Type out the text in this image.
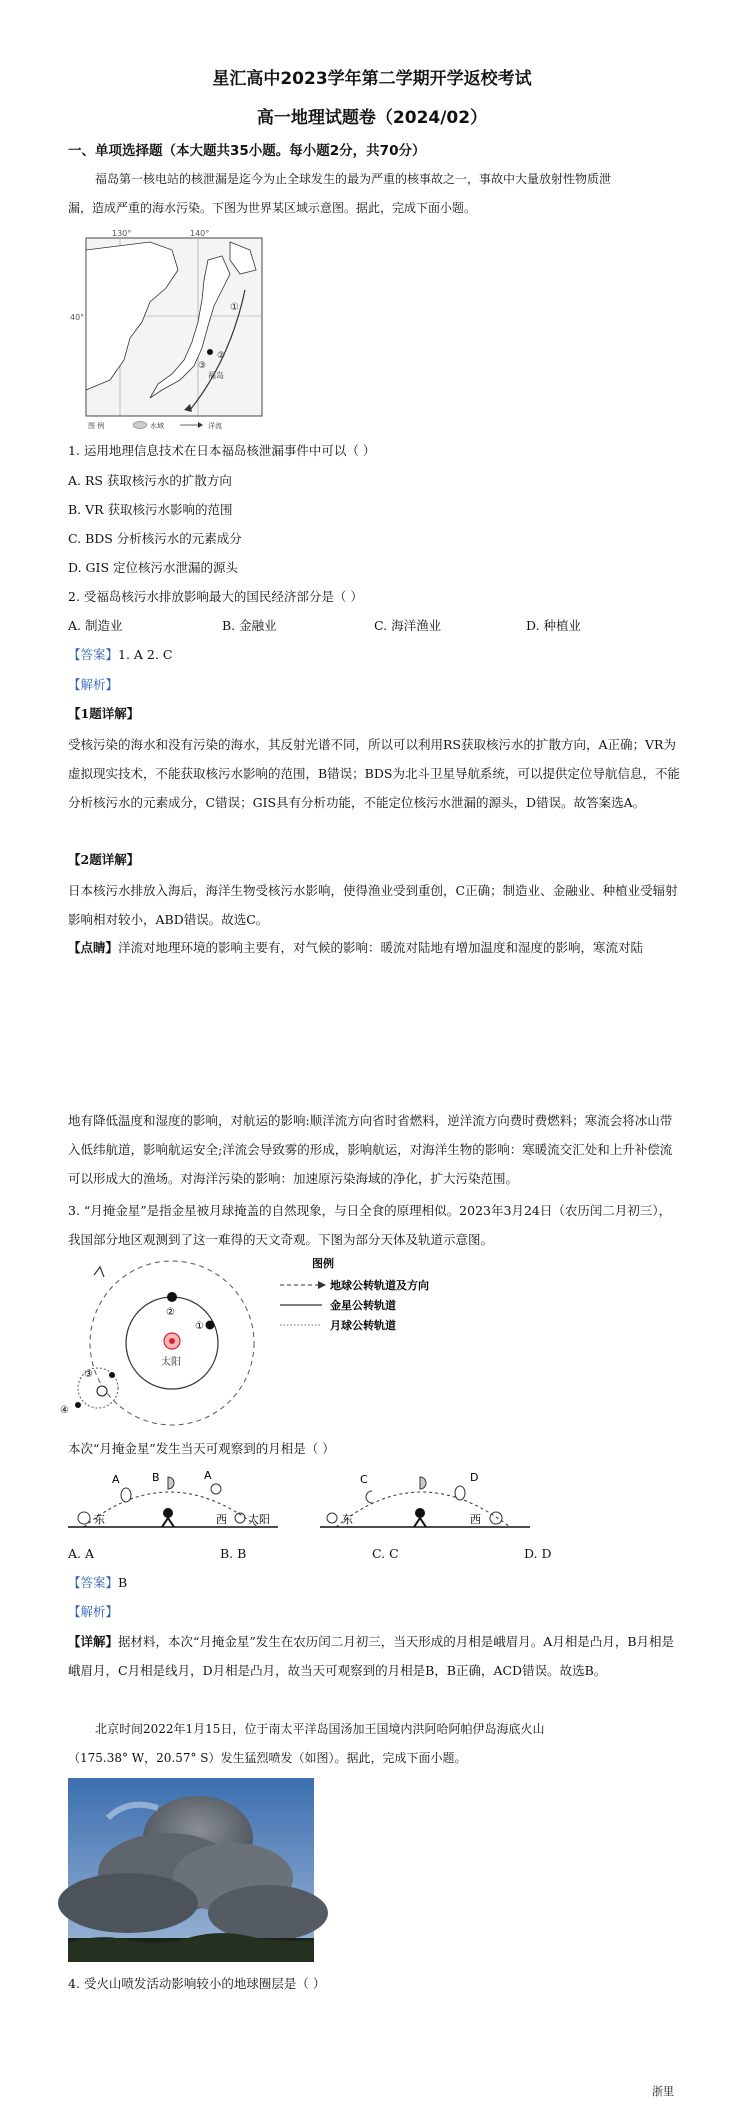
星汇高中2023学年第二学期开学返校考试
高一地理试题卷（2024/02）
一、单项选择题（本大题共35小题。每小题2分，共70分）
福岛第一核电站的核泄漏是迄今为止全球发生的最为严重的核事故之一，事故中大量放射性物质泄
漏，造成严重的海水污染。下图为世界某区域示意图。据此，完成下面小题。
①
②
③
福岛
130°	140°
40°
图 例	水域	洋流
1. 运用地理信息技术在日本福岛核泄漏事件中可以（ ）
A. RS 获取核污水的扩散方向
B. VR 获取核污水影响的范围
C. BDS 分析核污水的元素成分
D. GIS 定位核污水泄漏的源头
2. 受福岛核污水排放影响最大的国民经济部分是（ ）
A. 制造业	B. 金融业	C. 海洋渔业	D. 种植业
【答案】1. A 2. C
【解析】
【1题详解】
受核污染的海水和没有污染的海水，其反射光谱不同，所以可以利用RS获取核污水的扩散方向，A正确；VR为虚拟现实技术，不能获取核污水影响的范围，B错误；BDS为北斗卫星导航系统，可以提供定位导航信息，不能分析核污水的元素成分，C错误；GIS具有分析功能，不能定位核污水泄漏的源头，D错误。故答案选A。
【2题详解】
日本核污水排放入海后，海洋生物受核污水影响，使得渔业受到重创，C正确；制造业、金融业、种植业受辐射影响相对较小，ABD错误。故选C。
【点睛】洋流对地理环境的影响主要有，对气候的影响：暖流对陆地有增加温度和湿度的影响，寒流对陆
地有降低温度和湿度的影响，对航运的影响:顺洋流方向省时省燃料，逆洋流方向费时费燃料；寒流会将冰山带入低纬航道，影响航运安全;洋流会导致雾的形成，影响航运，对海洋生物的影响：寒暖流交汇处和上升补偿流可以形成大的渔场。对海洋污染的影响：加速原污染海域的净化，扩大污染范围。
3. “月掩金星”是指金星被月球掩盖的自然现象，与日全食的原理相似。2023年3月24日（农历闰二月初三），我国部分地区观测到了这一难得的天文奇观。下图为部分天体及轨道示意图。
太阳
②
①
③
④
图例
地球公转轨道及方向
金星公转轨道
月球公转轨道
本次“月掩金星”发生当天可观察到的月相是（ ）
东
A	B	A
西 太阳	东
C	D
西
A. A	B. B	C. C	D. D
【答案】B
【解析】
【详解】据材料，本次“月掩金星”发生在农历闰二月初三，当天形成的月相是峨眉月。A月相是凸月，B月相是峨眉月，C月相是线月，D月相是凸月，故当天可观察到的月相是B，B正确，ACD错误。故选B。
北京时间2022年1月15日，位于南太平洋岛国汤加王国境内洪阿哈阿帕伊岛海底火山
（175.38° W，20.57° S）发生猛烈喷发（如图）。据此，完成下面小题。
4. 受火山喷发活动影响较小的地球圈层是（ ）
浙里
